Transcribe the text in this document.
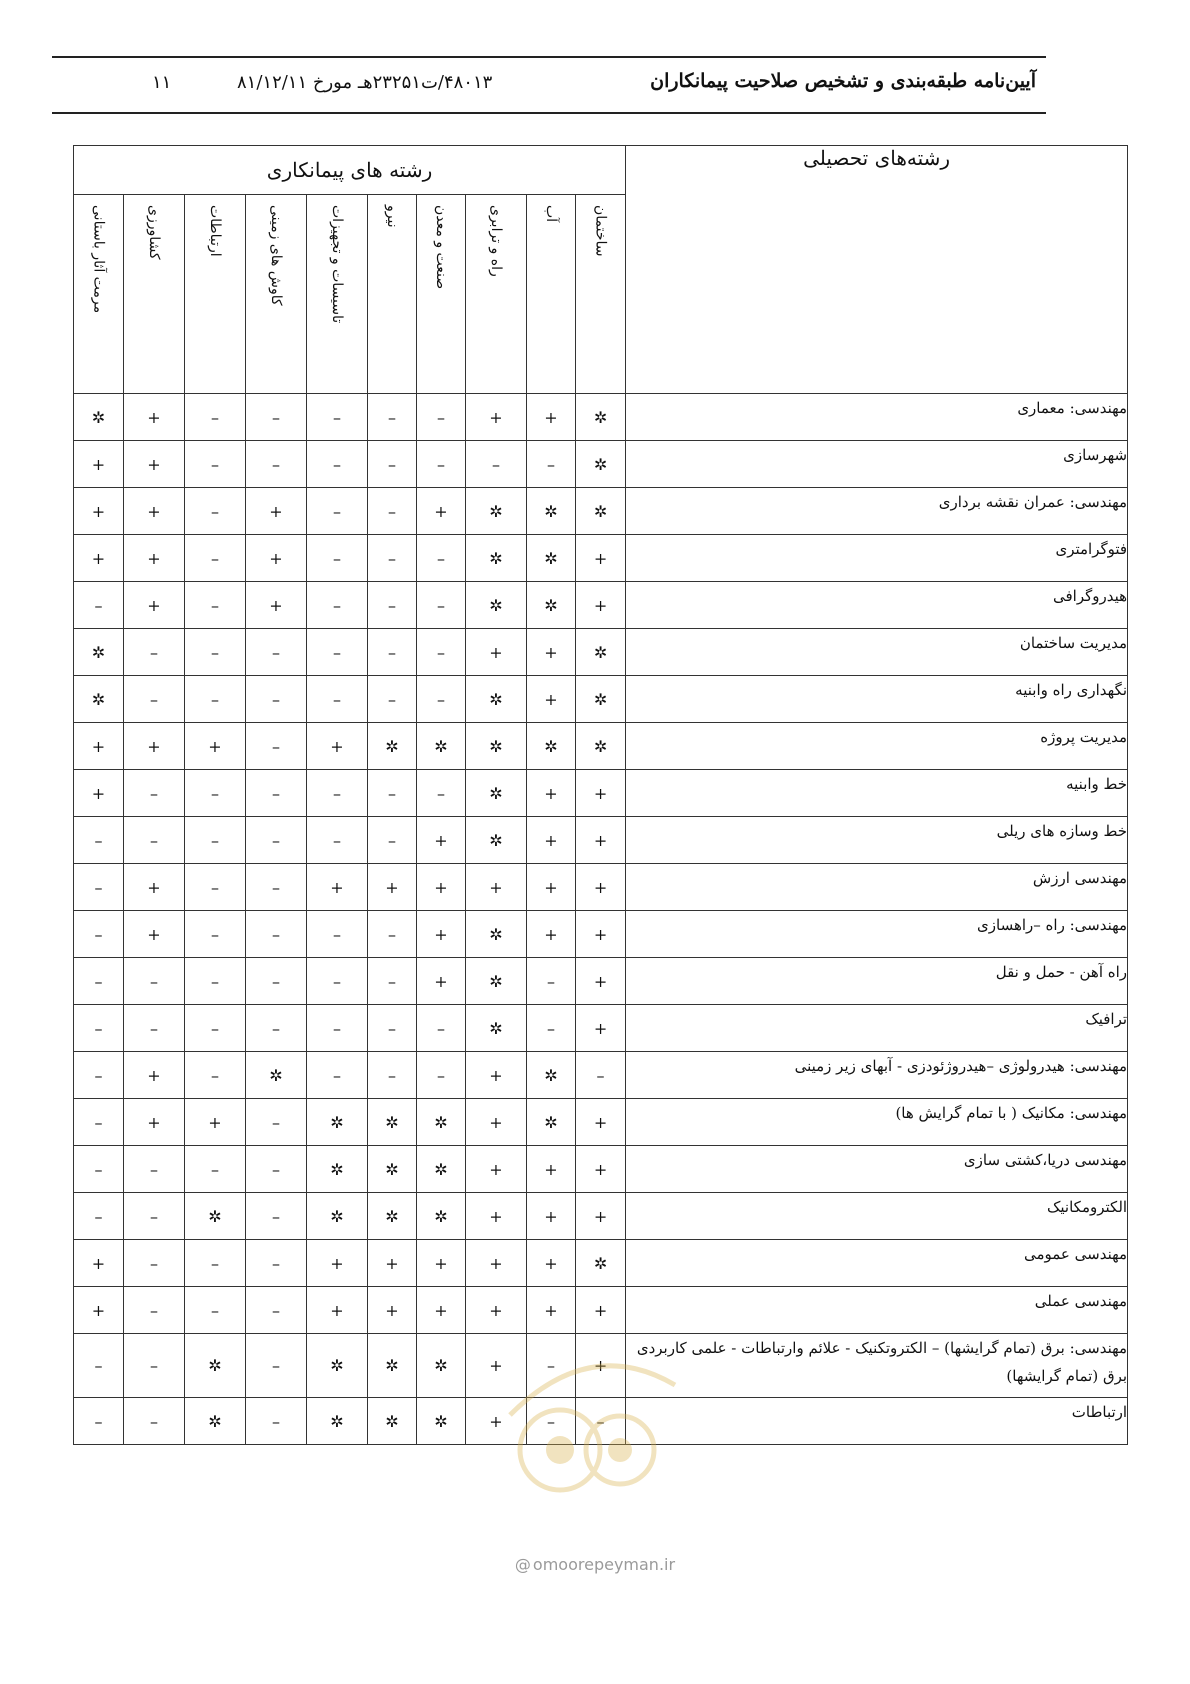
آیین‌نامه طبقه‌بندی و تشخیص صلاحیت پیمانکاران
۴۸۰۱۳/ت۲۳۲۵۱هـ مورخ ۸۱/۱۲/۱۱
۱۱
رشته های پیمانکاری										رشته‌های تحصیلی
مرمت آثار باستانی	کشاورزی	ارتباطات	کاوش های زمینی	تاسیسات و تجهیزات	نیرو	صنعت و معدن	راه و ترابری	آب	ساختمان	
✲	+	–	–	–	–	–	+	+	✲	مهندسی: معماری
+	+	–	–	–	–	–	–	–	✲	شهرسازی
+	+	–	+	–	–	+	✲	✲	✲	مهندسی: عمران نقشه برداری
+	+	–	+	–	–	–	✲	✲	+	فتوگرامتری
–	+	–	+	–	–	–	✲	✲	+	هیدروگرافی
✲	–	–	–	–	–	–	+	+	✲	مدیریت ساختمان
✲	–	–	–	–	–	–	✲	+	✲	نگهداری راه وابنیه
+	+	+	–	+	✲	✲	✲	✲	✲	مدیریت پروژه
+	–	–	–	–	–	–	✲	+	+	خط وابنیه
–	–	–	–	–	–	+	✲	+	+	خط وسازه های ریلی
–	+	–	–	+	+	+	+	+	+	مهندسی ارزش
–	+	–	–	–	–	+	✲	+	+	مهندسی: راه –راهسازی
–	–	–	–	–	–	+	✲	–	+	راه آهن - حمل و نقل
–	–	–	–	–	–	–	✲	–	+	ترافیک
–	+	–	✲	–	–	–	+	✲	–	مهندسی: هیدرولوژی –هیدروژئودزی - آبهای زیر زمینی
–	+	+	–	✲	✲	✲	+	✲	+	مهندسی: مکانیک ( با تمام گرایش ها)
–	–	–	–	✲	✲	✲	+	+	+	مهندسی دریا،کشتی سازی
–	–	✲	–	✲	✲	✲	+	+	+	الکترومکانیک
+	–	–	–	+	+	+	+	+	✲	مهندسی عمومی
+	–	–	–	+	+	+	+	+	+	مهندسی عملی
–	–	✲	–	✲	✲	✲	+	–	+	مهندسی: برق (تمام گرایشها) – الکتروتکنیک - علائم وارتباطات - علمی کاربردی برق (تمام گرایشها)
–	–	✲	–	✲	✲	✲	+	–	–	ارتباطات
@ omoorepeyman.ir
